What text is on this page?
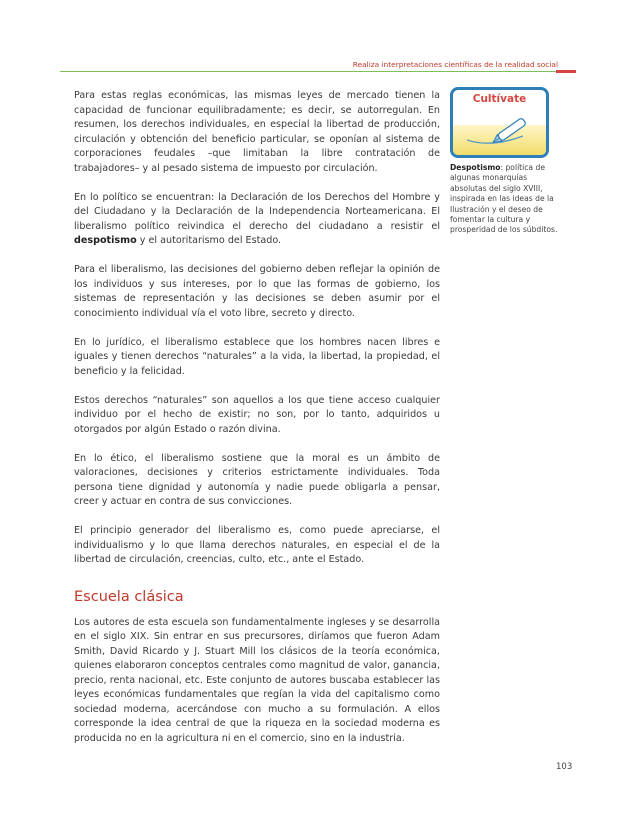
Realiza interpretaciones científicas de la realidad social

Para estas reglas económicas, las mismas leyes de mercado tienen la capacidad de funcionar equilibradamente; es decir, se autorregulan. En resumen, los derechos individuales, en especial la libertad de producción, circulación y obtención del beneficio particular, se oponían al sistema de corporaciones feudales –que limitaban la libre contratación de trabajadores– y al pesado sistema de impuesto por circulación.

En lo político se encuentran: la Declaración de los Derechos del Hombre y del Ciudadano y la Declaración de la Independencia Norteamericana. El liberalismo político reivindica el derecho del ciudadano a resistir el despotismo y el autoritarismo del Estado.

Para el liberalismo, las decisiones del gobierno deben reflejar la opinión de los individuos y sus intereses, por lo que las formas de gobierno, los sistemas de representación y las decisiones se deben asumir por el conocimiento individual vía el voto libre, secreto y directo.

En lo jurídico, el liberalismo establece que los hombres nacen libres e iguales y tienen derechos “naturales” a la vida, la libertad, la propiedad, el beneficio y la felicidad.

Estos derechos “naturales” son aquellos a los que tiene acceso cualquier individuo por el hecho de existir; no son, por lo tanto, adquiridos u otorgados por algún Estado o razón divina.

En lo ético, el liberalismo sostiene que la moral es un ámbito de valoraciones, decisiones y criterios estrictamente individuales. Toda persona tiene dignidad y autonomía y nadie puede obligarla a pensar, creer y actuar en contra de sus convicciones.

El principio generador del liberalismo es, como puede apreciarse, el individualismo y lo que llama derechos naturales, en especial el de la libertad de circulación, creencias, culto, etc., ante el Estado.

Escuela clásica

Los autores de esta escuela son fundamentalmente ingleses y se desarrolla en el siglo XIX. Sin entrar en sus precursores, diríamos que fueron Adam Smith, David Ricardo y J. Stuart Mill los clásicos de la teoría económica, quienes elaboraron conceptos centrales como magnitud de valor, ganancia, precio, renta nacional, etc. Este conjunto de autores buscaba establecer las leyes económicas fundamentales que regían la vida del capitalismo como sociedad moderna, acercándose con mucho a su formulación. A ellos corresponde la idea central de que la riqueza en la sociedad moderna es producida no en la agricultura ni en el comercio, sino en la industria.

Cultívate
Despotismo: política de algunas monarquías absolutas del siglo XVIII, inspirada en las ideas de la Ilustración y el deseo de fomentar la cultura y prosperidad de los súbditos.
103
